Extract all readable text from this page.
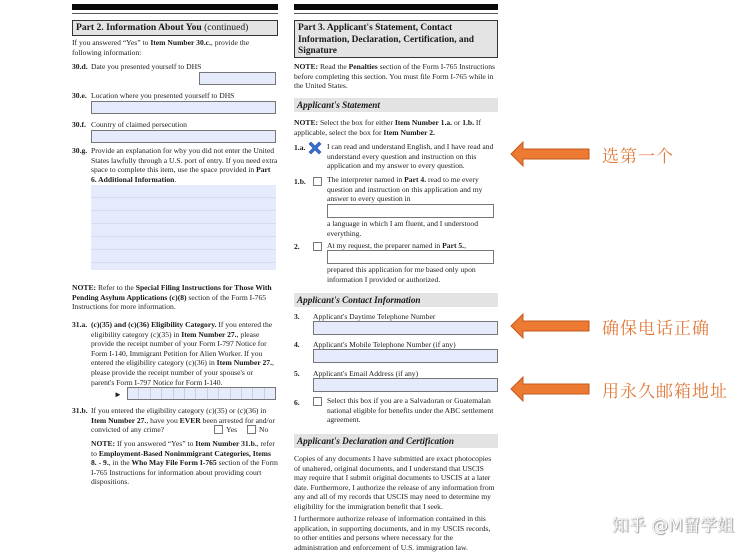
Part 2. Information About You (continued)
If you answered “Yes” to Item Number 30.c., provide the following information:
30.d. Date you presented yourself to DHS
30.e. Location where you presented yourself to DHS
30.f. Country of claimed persecution
30.g. Provide an explanation for why you did not enter the United States lawfully through a U.S. port of entry. If you need extra space to complete this item, use the space provided in Part 6. Additional Information.
NOTE: Refer to the Special Filing Instructions for Those With Pending Asylum Applications (c)(8) section of the Form I-765 Instructions for more information.
31.a. (c)(35) and (c)(36) Eligibility Category. If you entered the eligibility category (c)(35) in Item Number 27., please provide the receipt number of your Form I-797 Notice for Form I-140, Immigrant Petition for Alien Worker. If you entered the eligibility category (c)(36) in Item Number 27., please provide the receipt number of your spouse's or parent's Form I-797 Notice for Form I-140.
►
31.b. If you entered the eligibility category (c)(35) or (c)(36) in Item Number 27., have you EVER been arrested for and/or convicted of any crime?	Yes	No
NOTE: If you answered “Yes” to Item Number 31.b., refer to Employment-Based Nonimmigrant Categories, Items 8. - 9., in the Who May File Form I-765 section of the Form I-765 Instructions for information about providing court dispositions.
Part 3. Applicant's Statement, Contact Information, Declaration, Certification, and Signature
NOTE: Read the Penalties section of the Form I-765 Instructions before completing this section. You must file Form I-765 while in the United States.
Applicant's Statement
NOTE: Select the box for either Item Number 1.a. or 1.b. If applicable, select the box for Item Number 2.
1.a.	I can read and understand English, and I have read and understand every question and instruction on this application and my answer to every question.
1.b.	The interpreter named in Part 4. read to me every question and instruction on this application and my answer to every question in
a language in which I am fluent, and I understood everything.
2.	At my request, the preparer named in Part 5.,
prepared this application for me based only upon information I provided or authorized.
Applicant's Contact Information
3. Applicant's Daytime Telephone Number
4. Applicant's Mobile Telephone Number (if any)
5. Applicant's Email Address (if any)
6.	Select this box if you are a Salvadoran or Guatemalan national eligible for benefits under the ABC settlement agreement.
Applicant's Declaration and Certification
Copies of any documents I have submitted are exact photocopies of unaltered, original documents, and I understand that USCIS may require that I submit original documents to USCIS at a later date. Furthermore, I authorize the release of any information from any and all of my records that USCIS may need to determine my eligibility for the immigration benefit that I seek.
I furthermore authorize release of information contained in this application, in supporting documents, and in my USCIS records, to other entities and persons where necessary for the administration and enforcement of U.S. immigration law.
选第一个
确保电话正确
用永久邮箱地址
知乎 @M留学姐
